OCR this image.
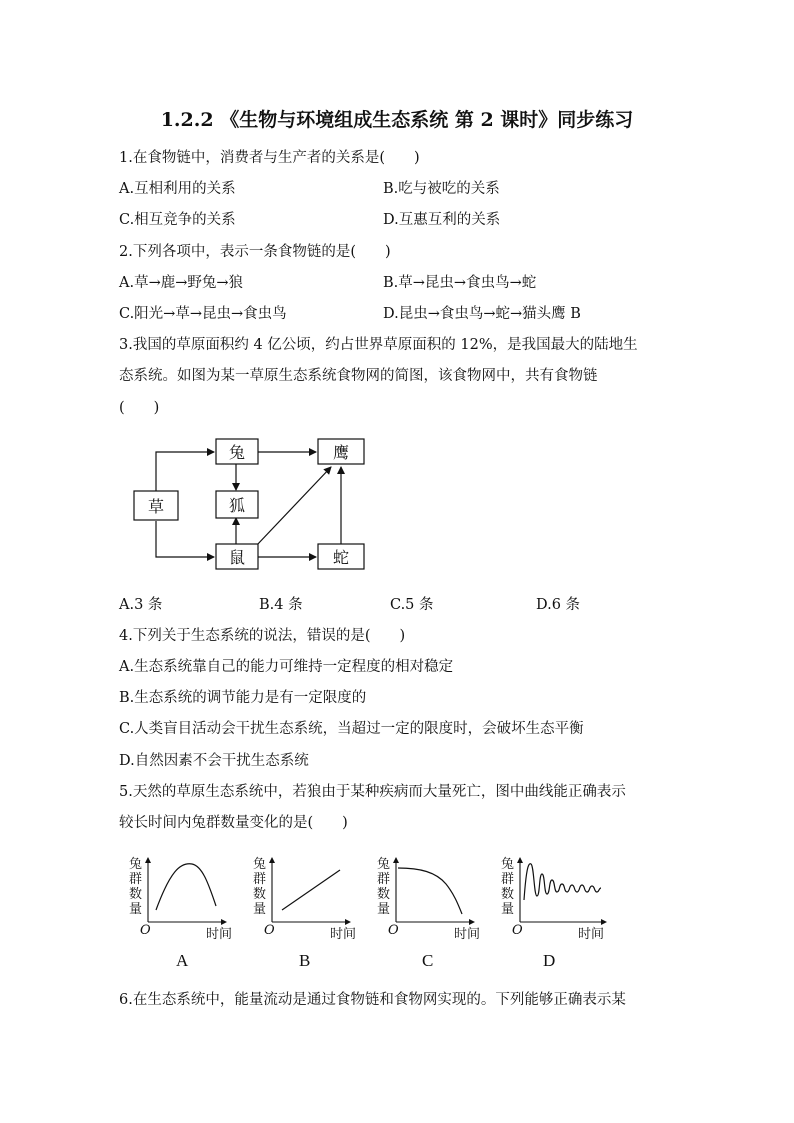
1.2.2 《生物与环境组成生态系统 第 2 课时》同步练习
1.在食物链中，消费者与生产者的关系是(　　)
A.互相利用的关系	B.吃与被吃的关系
C.相互竞争的关系	D.互惠互利的关系
2.下列各项中，表示一条食物链的是(　　)
A.草→鹿→野兔→狼	B.草→昆虫→食虫鸟→蛇
C.阳光→草→昆虫→食虫鸟	D.昆虫→食虫鸟→蛇→猫头鹰 B
3.我国的草原面积约 4 亿公顷，约占世界草原面积的 12%，是我国最大的陆地生
态系统。如图为某一草原生态系统食物网的简图，该食物网中，共有食物链
(　　)
草
兔
狐
鼠
鹰
蛇
A.3 条	B.4 条	C.5 条	D.6 条
4.下列关于生态系统的说法，错误的是(　　)
A.生态系统靠自己的能力可维持一定程度的相对稳定
B.生态系统的调节能力是有一定限度的
C.人类盲目活动会干扰生态系统，当超过一定的限度时，会破坏生态平衡
D.自然因素不会干扰生态系统
5.天然的草原生态系统中，若狼由于某种疾病而大量死亡，图中曲线能正确表示
较长时间内兔群数量变化的是(　　)
兔
群
数
量
O	时间
兔
群
数
量
O	时间
兔
群
数
量
O	时间
兔
群
数
量
O	时间
A	B	C	D
6.在生态系统中，能量流动是通过食物链和食物网实现的。下列能够正确表示某
